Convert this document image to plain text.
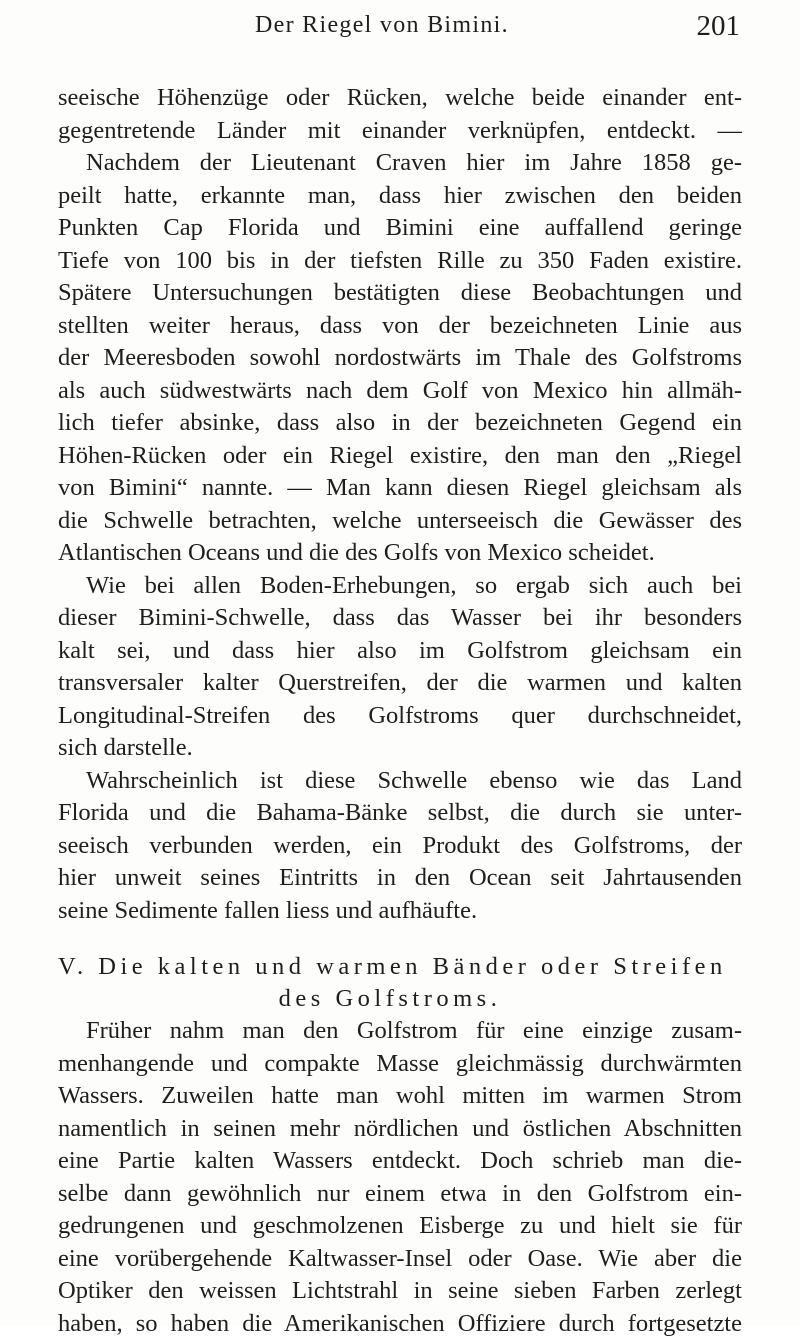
Der Riegel von Bimini.	201
seeische Höhenzüge oder Rücken, welche beide einander ent-
gegentretende Länder mit einander verknüpfen, entdeckt. —
Nachdem der Lieutenant Craven hier im Jahre 1858 ge-
peilt hatte, erkannte man, dass hier zwischen den beiden
Punkten Cap Florida und Bimini eine auffallend geringe
Tiefe von 100 bis in der tiefsten Rille zu 350 Faden existire.
Spätere Untersuchungen bestätigten diese Beobachtungen und
stellten weiter heraus, dass von der bezeichneten Linie aus
der Meeresboden sowohl nordostwärts im Thale des Golfstroms
als auch südwestwärts nach dem Golf von Mexico hin allmäh-
lich tiefer absinke, dass also in der bezeichneten Gegend ein
Höhen-Rücken oder ein Riegel existire, den man den „Riegel
von Bimini“ nannte. — Man kann diesen Riegel gleichsam als
die Schwelle betrachten, welche unterseeisch die Gewässer des
Atlantischen Oceans und die des Golfs von Mexico scheidet.
Wie bei allen Boden-Erhebungen, so ergab sich auch bei
dieser Bimini-Schwelle, dass das Wasser bei ihr besonders
kalt sei, und dass hier also im Golfstrom gleichsam ein
transversaler kalter Querstreifen, der die warmen und kalten
Longitudinal-Streifen des Golfstroms quer durchschneidet,
sich darstelle.
Wahrscheinlich ist diese Schwelle ebenso wie das Land
Florida und die Bahama-Bänke selbst, die durch sie unter-
seeisch verbunden werden, ein Produkt des Golfstroms, der
hier unweit seines Eintritts in den Ocean seit Jahrtausenden
seine Sedimente fallen liess und aufhäufte.
V. Die kalten und warmen Bänder oder Streifen
des Golfstroms.
Früher nahm man den Golfstrom für eine einzige zusam-
menhangende und compakte Masse gleichmässig durchwärmten
Wassers. Zuweilen hatte man wohl mitten im warmen Strom
namentlich in seinen mehr nördlichen und östlichen Abschnitten
eine Partie kalten Wassers entdeckt. Doch schrieb man die-
selbe dann gewöhnlich nur einem etwa in den Golfstrom ein-
gedrungenen und geschmolzenen Eisberge zu und hielt sie für
eine vorübergehende Kaltwasser-Insel oder Oase. Wie aber die
Optiker den weissen Lichtstrahl in seine sieben Farben zerlegt
haben, so haben die Amerikanischen Offiziere durch fortgesetzte
